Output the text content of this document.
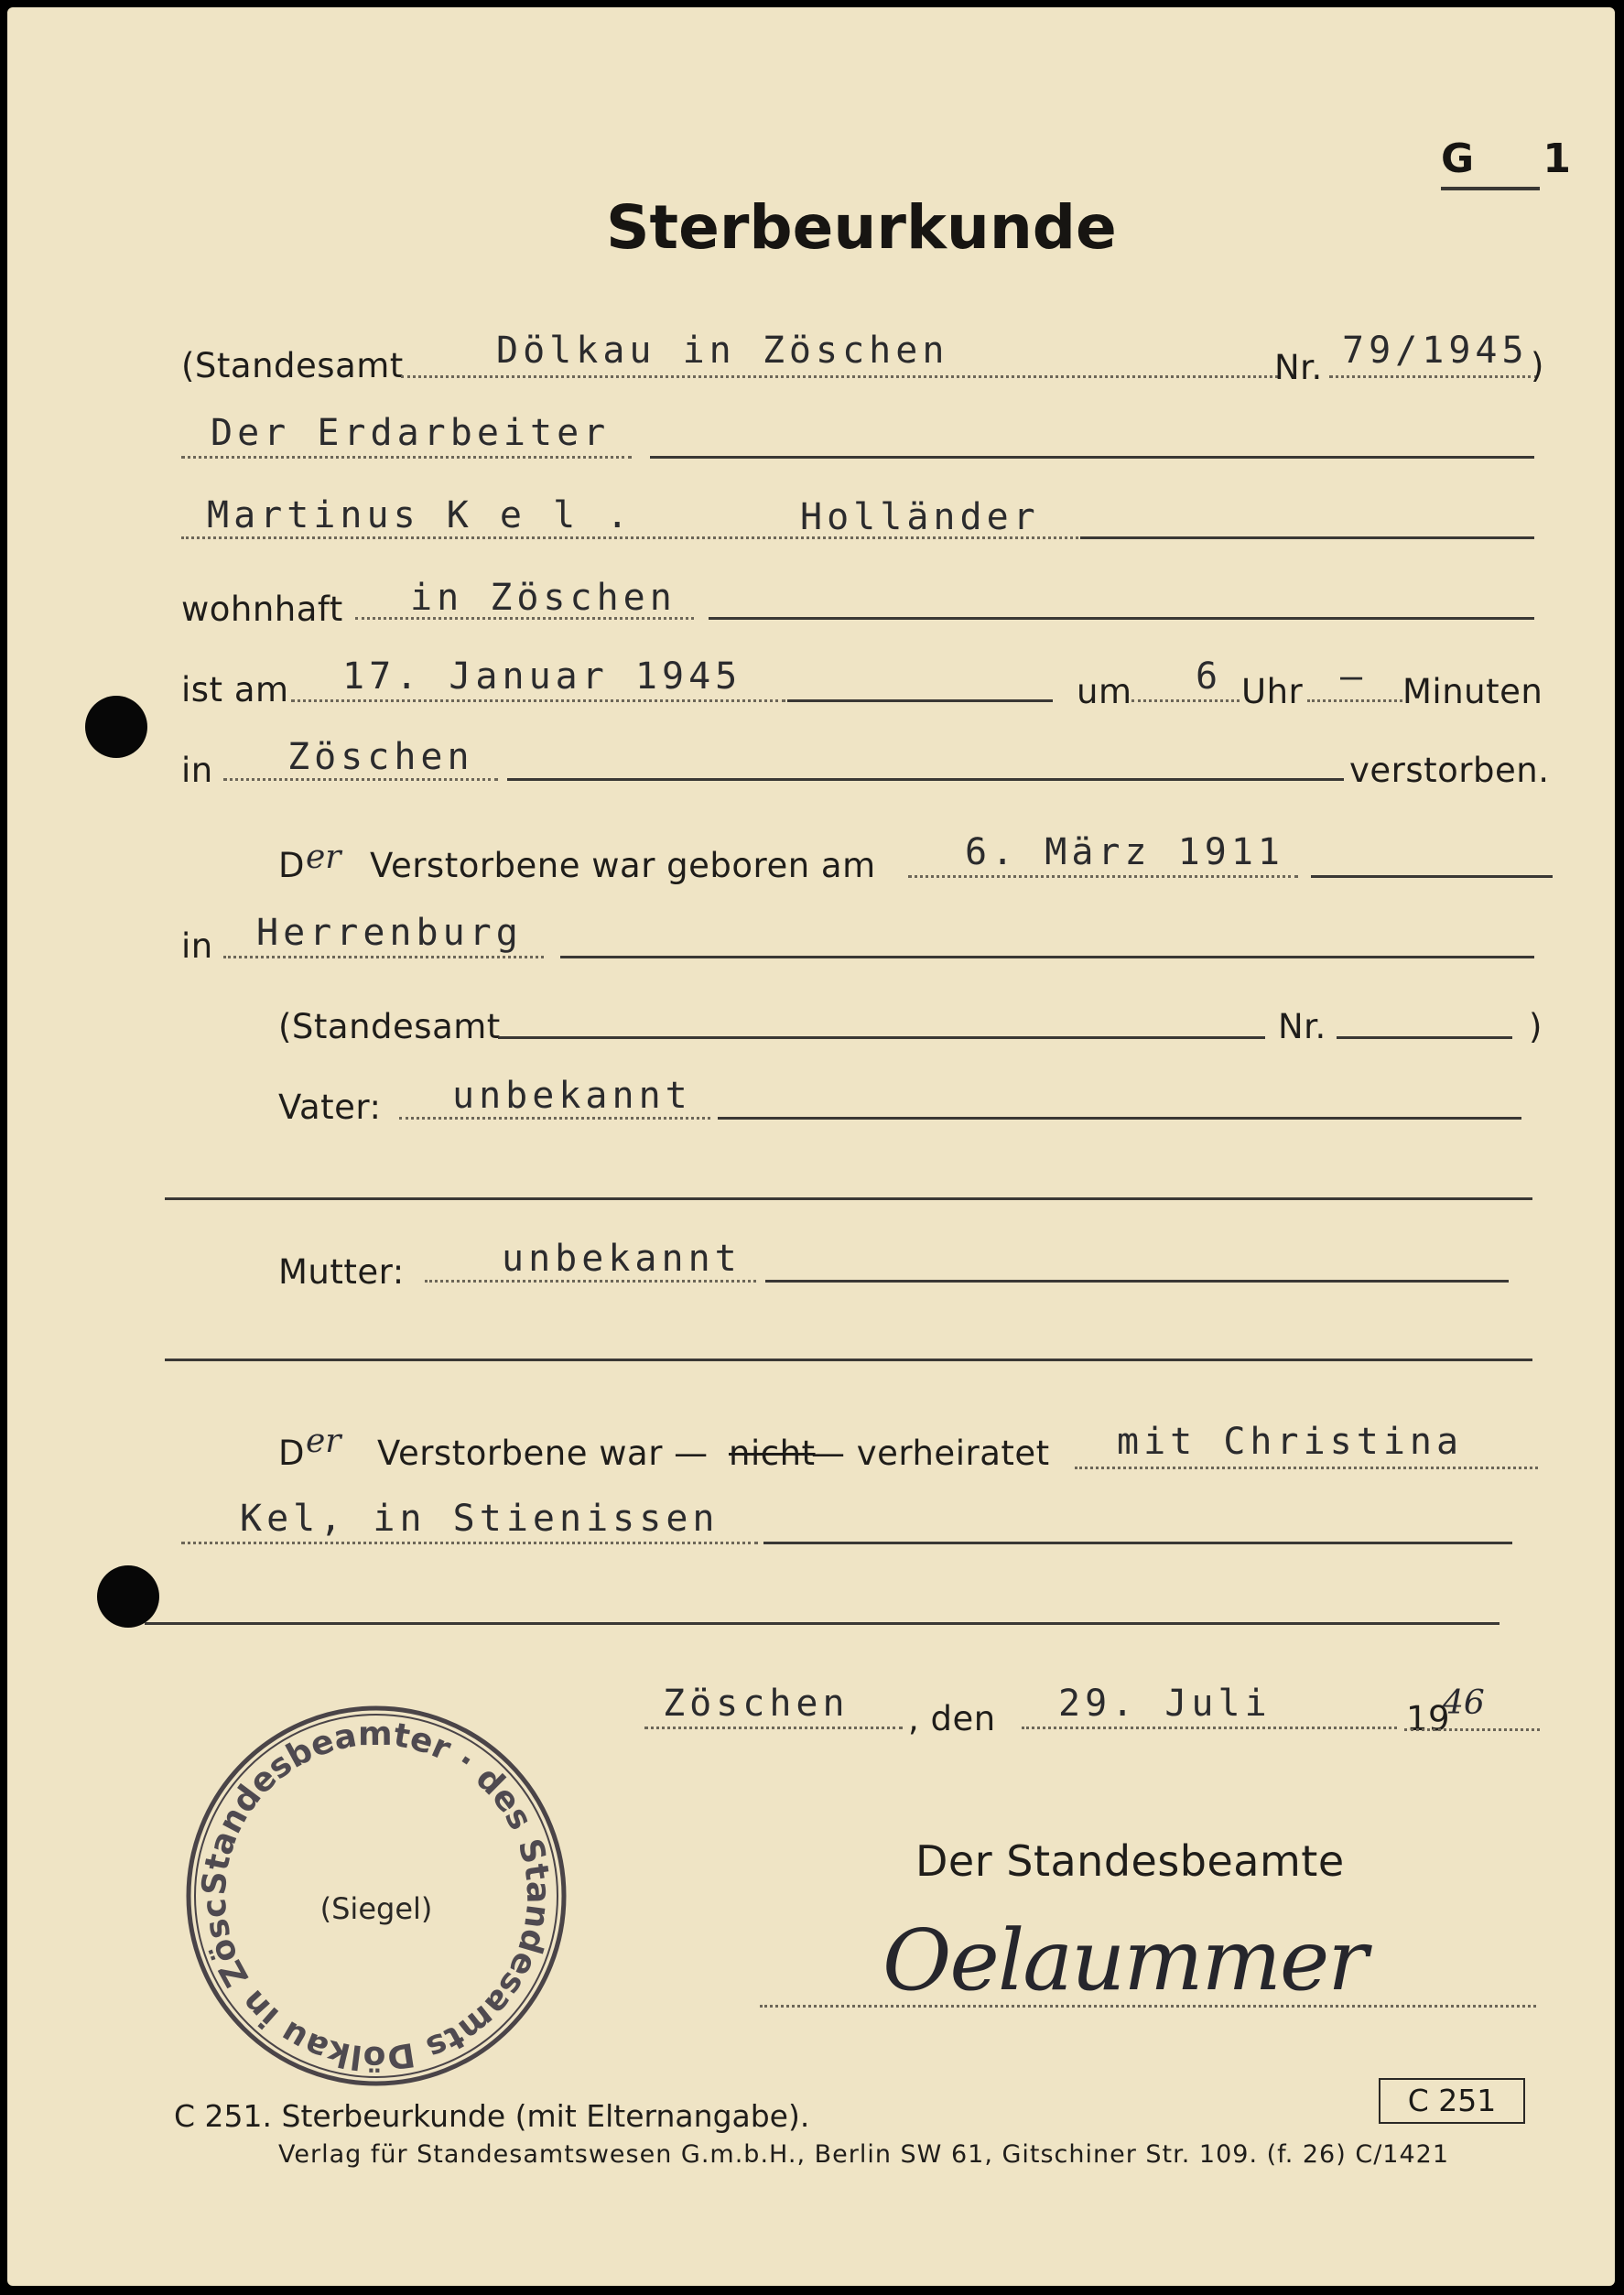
G 1
Sterbeurkunde
(Standesamt	Dölkau in Zöschen	Nr. 79/1945 )
Der Erdarbeiter
Martinus K e l .	Holländer
wohnhaft in Zöschen
ist am 17. Januar 1945	um 6 Uhr – Minuten
in Zöschen	verstorben.
D er Verstorbene war geboren am 6. März 1911
in Herrenburg
(Standesamt	Nr.	)
Vater: unbekannt
Mutter:	unbekannt
D er Verstorbene war — nicht
— verheiratet mit Christina
Kel, in Stienissen
Zöschen , den 29. Juli	19
46
Standesbeamter · des Standesamts Dölkau in Zösc	(Siegel)
Der Standesbeamte
Oelaummer
C 251. Sterbeurkunde (mit Elternangabe).
Verlag für Standesamtswesen G.m.b.H., Berlin SW 61, Gitschiner Str. 109. (f. 26) C/1421
C 251
